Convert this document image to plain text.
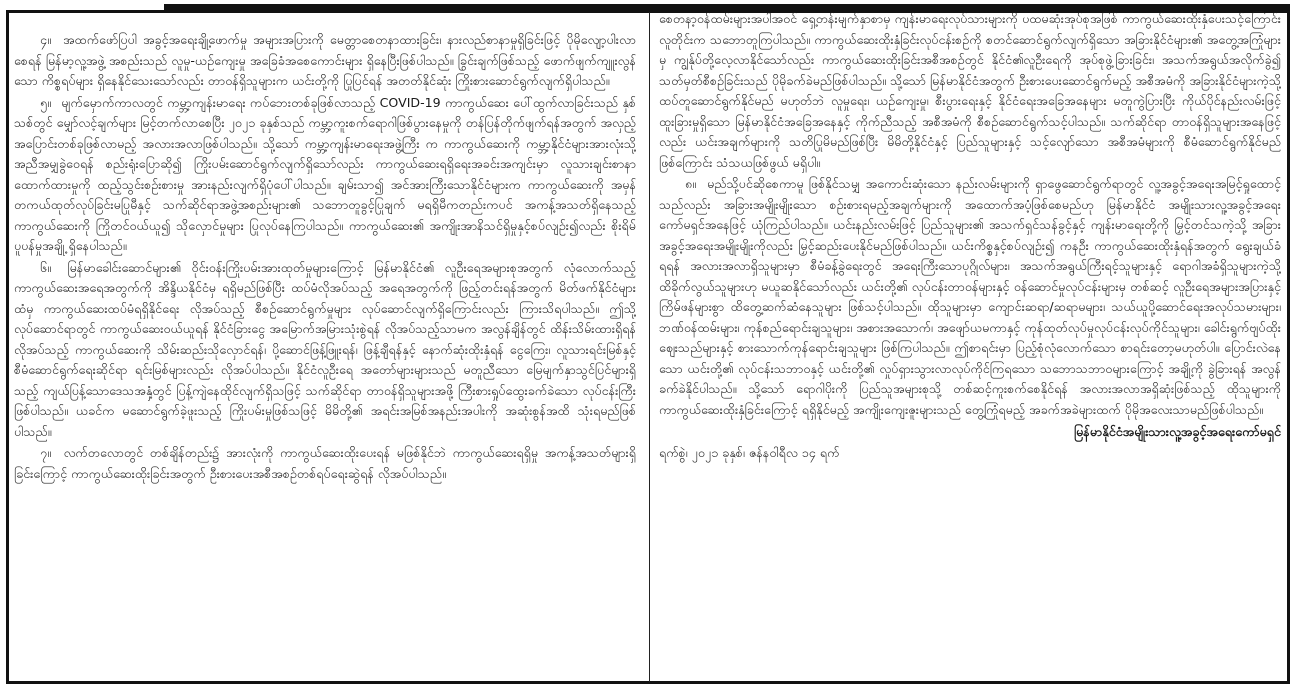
၄။ အထက်ဖော်ပြပါ အခွင့်အရေးချို့ဖောက်မှု အများအပြားကို မေတ္တာစေတနာထားခြင်း၊ နားလည်စာနာမှုရှိခြင်းဖြင့် ပိုမိုလျော့ပါးလာစေရန် မြန်မာ့လူ့အဖွဲ့ အစည်းသည် လူမှု-ယဉ်ကျေးမှု အခြေခံအစေကောင်းများ ရှိနေပြီးဖြစ်ပါသည်။ ခြွင်းချက်ဖြစ်သည့် ဖောက်ဖျက်ကျူးလွန်သော ကိစ္စရပ်များ ရှိနေနိုင်သေးသော်လည်း တာဝန်ရှိသူများက ယင်းတို့ကို ပြုပြင်ရန် အတတ်နိုင်ဆုံး ကြိုးစားဆောင်ရွက်လျက်ရှိပါသည်။

၅။ မျက်မှောက်ကာလတွင် ကမ္ဘာ့ကျန်းမာရေး ကပ်ဘေးတစ်ခုဖြစ်လာသည့် COVID-19 ကာကွယ်ဆေး ပေါ်ထွက်လာခြင်းသည် နှစ်သစ်တွင် မျှော်လင့်ချက်များ မြင့်တက်လာစေပြီး ၂၀၂၁ ခုနှစ်သည် ကမ္ဘာ့ကူးစက်ရောဂါဖြစ်ပွားနေမှုကို တန်ပြန်တိုက်ဖျက်ရန်အတွက် အလှည့်အပြောင်းတစ်ခုဖြစ်လာမည့် အလားအလာဖြစ်ပါသည်။ သို့သော် ကမ္ဘာ့ကျန်းမာရေးအဖွဲ့ကြီး က ကာကွယ်ဆေးကို ကမ္ဘာ့နိုင်ငံများအားလုံးသို့ အညီအမျှခွဲဝေရန် စည်းရုံးပြောဆို၍ ကြိုးပမ်းဆောင်ရွက်လျက်ရှိသော်လည်း ကာကွယ်ဆေးရရှိရေးအခင်းအကျင်းမှာ လူသားချင်းစာနာထောက်ထားမှုကို ထည့်သွင်းစဉ်းစားမှု အားနည်းလျက်ရှိပုံပေါ်ပါသည်။ ချမ်းသာ၍ အင်အားကြီးသောနိုင်ငံများက ကာကွယ်ဆေးကို အမှန်တကယ်ထုတ်လုပ်ခြင်းမပြုမီနှင့် သက်ဆိုင်ရာအဖွဲ့အစည်းများ၏ သဘောတူခွင့်ပြုချက် မရရှိမီကတည်းကပင် အကန့်အသတ်ရှိနေသည့် ကာကွယ်ဆေးကို ကြိုတင်ဝယ်ယူ၍ သိုလှောင်မှုများ ပြုလုပ်နေကြပါသည်။ ကာကွယ်ဆေး၏ အကျိုးအာနိသင်ရှိမှုနှင့်စပ်လျဉ်း၍လည်း စိုးရိမ်ပူပန်မှုအချို့ ရှိနေပါသည်။

၆။ မြန်မာခေါင်းဆောင်များ၏ ဝိုင်းဝန်းကြိုးပမ်းအားထုတ်မှုများကြောင့် မြန်မာနိုင်ငံ၏ လူဦးရေအများစုအတွက် လုံလောက်သည့် ကာကွယ်ဆေးအရေအတွက်ကို အိန္ဒိယနိုင်ငံမှ ရရှိမည်ဖြစ်ပြီး ထပ်မံလိုအပ်သည့် အရေအတွက်ကို ဖြည့်တင်းရန်အတွက် မိတ်ဖက်နိုင်ငံများထံမှ ကာကွယ်ဆေးထပ်မံရရှိနိုင်ရေး လိုအပ်သည့် စီစဉ်ဆောင်ရွက်မှုများ လုပ်ဆောင်လျက်ရှိကြောင်းလည်း ကြားသိရပါသည်။ ဤသို့လုပ်ဆောင်ရာတွင် ကာကွယ်ဆေးဝယ်ယူရန် နိုင်ငံခြားငွေ အမြောက်အမြားသုံးစွဲရန် လိုအပ်သည့်သာမက အလွန်ချိန်တွင် ထိန်းသိမ်းထားရှိရန် လိုအပ်သည့် ကာကွယ်ဆေးကို သိမ်းဆည်းသိုလှောင်ရန်၊ ပို့ဆောင်ဖြန့်ဖြူးရန်၊ ဖြန့်ချီရန်နှင့် နောက်ဆုံးထိုးနှံရန် ငွေကြေး၊ လူသားရင်းမြစ်နှင့် စီမံဆောင်ရွက်ရေးဆိုင်ရာ ရင်းမြစ်များလည်း လိုအပ်ပါသည်။ နိုင်ငံလူဦးရေ အတော်များများသည် မတူညီသော မြေမျက်နှာသွင်ပြင်များရှိသည့် ကျယ်ပြန့်သောဒေသအနှံ့တွင် ပြန့်ကျဲနေထိုင်လျက်ရှိသဖြင့် သက်ဆိုင်ရာ တာဝန်ရှိသူများအဖို့ ကြီးစားရှုပ်ထွေးခက်ခဲသော လုပ်ငန်းကြီးဖြစ်ပါသည်။ ယခင်က မဆောင်ရွက်ခဲ့ဖူးသည့် ကြိုးပမ်းမှုဖြစ်သဖြင့် မိမိတို့၏ အရင်းအမြစ်အနည်းအပါးကို အဆုံးစွန်အထိ သုံးရမည်ဖြစ်ပါသည်။

၇။ လက်တလောတွင် တစ်ချိန်တည်း၌ အားလုံးကို ကာကွယ်ဆေးထိုးပေးရန် မဖြစ်နိုင်ဘဲ ကာကွယ်ဆေးရရှိမှု အကန့်အသတ်များရှိခြင်းကြောင့် ကာကွယ်ဆေးထိုးခြင်းအတွက် ဦးစားပေးအစီအစဉ်တစ်ရပ်ရေးဆွဲရန် လိုအပ်ပါသည်။

စေတနာ့ဝန်ထမ်းများအပါအဝင် ရှေ့တန်းမျက်နှာစာမှ ကျန်းမာရေးလုပ်သားများကို ပထမဆုံးအုပ်စုအဖြစ် ကာကွယ်ဆေးထိုးနှံပေးသင့်ကြောင်း လူတိုင်းက သဘောတူကြပါသည်။ ကာကွယ်ဆေးထိုးနှံခြင်းလုပ်ငန်းစဉ်ကို စတင်ဆောင်ရွက်လျက်ရှိသော အခြားနိုင်ငံများ၏ အတွေ့အကြုံများမှ ကျွန်ုပ်တို့လေ့လာနိုင်သော်လည်း ကာကွယ်ဆေးထိုးခြင်းအစီအစဉ်တွင် နိုင်ငံ၏လူဦးရေကို အုပ်စုဖွဲ့ခြားခြင်း၊ အသက်အရွယ်အလိုက်ခွဲ၍ သတ်မှတ်စီစဉ်ခြင်းသည် ပိုမိုခက်ခဲမည်ဖြစ်ပါသည်။ သို့သော် မြန်မာနိုင်ငံအတွက် ဦးစားပေးဆောင်ရွက်မည့် အစီအမံကို အခြားနိုင်ငံများကဲ့သို့ ထပ်တူဆောင်ရွက်နိုင်မည် မဟုတ်ဘဲ လူမှုရေး၊ ယဉ်ကျေးမှု၊ စီးပွားရေးနှင့် နိုင်ငံရေးအခြေအနေများ မတူကွဲပြားပြီး ကိုယ်ပိုင်နည်းလမ်းဖြင့် ထူးခြားမှုရှိသော မြန်မာနိုင်ငံအခြေအနေနှင့် ကိုက်ညီသည့် အစီအမံကို စီစဉ်ဆောင်ရွက်သင့်ပါသည်။ သက်ဆိုင်ရာ တာဝန်ရှိသူများအနေဖြင့်လည်း ယင်းအချက်များကို သတိပြုမိမည်ဖြစ်ပြီး မိမိတို့နိုင်ငံနှင့် ပြည်သူများနှင့် သင့်လျော်သော အစီအမံများကို စီမံဆောင်ရွက်နိုင်မည်ဖြစ်ကြောင်း သံသယဖြစ်ဖွယ် မရှိပါ။

၈။ မည်သို့ပင်ဆိုစေကာမူ ဖြစ်နိုင်သမျှ အကောင်းဆုံးသော နည်းလမ်းများကို ရှာဖွေဆောင်ရွက်ရာတွင် လူ့အခွင့်အရေးအမြင့်ရှုထောင့်သည်လည်း အခြားအမျိုးမျိုးသော စဉ်းစားရမည့်အချက်များကို အထောက်အပံ့ဖြစ်စေမည်ဟု မြန်မာနိုင်ငံ အမျိုးသားလူ့အခွင့်အရေးကော်မရှင်အနေဖြင့် ယုံကြည်ပါသည်။ ယင်းနည်းလမ်းဖြင့် ပြည်သူများ၏ အသက်ရှင်သန်ခွင့်နှင့် ကျန်းမာရေးတို့ကို မြှင့်တင်သကဲ့သို့ အခြားအခွင့်အရေးအမျိုးမျိုးကိုလည်း မြှင့်ဆည်းပေးနိုင်မည်ဖြစ်ပါသည်။ ယင်းကိစ္စနှင့်စပ်လျဉ်း၍ ကနဦး ကာကွယ်ဆေးထိုးနှံရန်အတွက် ရွေးချယ်ခံရရန် အလားအလာရှိသူများမှာ စီမံခန့်ခွဲရေးတွင် အရေးကြီးသောပုဂ္ဂိုလ်များ၊ အသက်အရွယ်ကြီးရင့်သူများနှင့် ရောဂါအခံရှိသူများကဲ့သို့ ထိခိုက်လွယ်သူများဟု မယူဆနိုင်သော်လည်း ယင်းတို့၏ လုပ်ငန်းတာဝန်များနှင့် ဝန်ဆောင်မှုလုပ်ငန်းများမှ တစ်ဆင့် လူဦးရေအများအပြားနှင့် ကြိမ်ဖန်များစွာ ထိတွေ့ဆက်ဆံနေသူများ ဖြစ်သင့်ပါသည်။ ထိုသူများမှာ ကျောင်းဆရာ/ဆရာမများ၊ သယ်ယူပို့ဆောင်ရေးအလုပ်သမားများ၊ ဘဏ်ဝန်ထမ်းများ၊ ကုန်စည်ရောင်းချသူများ၊ အစားအသောက်၊ အဖျော်ယမကာနှင့် ကုန်ထုတ်လုပ်မှုလုပ်ငန်းလုပ်ကိုင်သူများ၊ ခေါင်းရွက်ဗျပ်ထိုး ဈေးသည်များနှင့် စားသောက်ကုန်ရောင်းချသူများ ဖြစ်ကြပါသည်။ ဤစာရင်းမှာ ပြည့်စုံလုံလောက်သော စာရင်းတော့မဟုတ်ပါ။ ပြောင်းလဲနေသော ယင်းတို့၏ လုပ်ငန်းသဘာဝနှင့် ယင်းတို့၏ လှုပ်ရှားသွားလာလုပ်ကိုင်ကြရသော သဘောသဘာဝများကြောင့် အချို့ကို ခွဲခြားရန် အလွန်ခက်ခဲနိုင်ပါသည်။ သို့သော် ရောဂါပိုးကို ပြည်သူအများစုသို့ တစ်ဆင့်ကူးစက်စေနိုင်ရန် အလားအလာအရှိဆုံးဖြစ်သည့် ထိုသူများကို ကာကွယ်ဆေးထိုးနှံခြင်းကြောင့် ရရှိနိုင်မည့် အကျိုးကျေးဇူးများသည် တွေ့ကြုံရမည့် အခက်အခဲများထက် ပိုမိုအလေးသာမည်ဖြစ်ပါသည်။

မြန်မာနိုင်ငံအမျိုးသားလူ့အခွင့်အရေးကော်မရှင်
ရက်စွဲ၊ ၂၀၂၁ ခုနှစ်၊ ဇန်နဝါရီလ ၁၄ ရက်
